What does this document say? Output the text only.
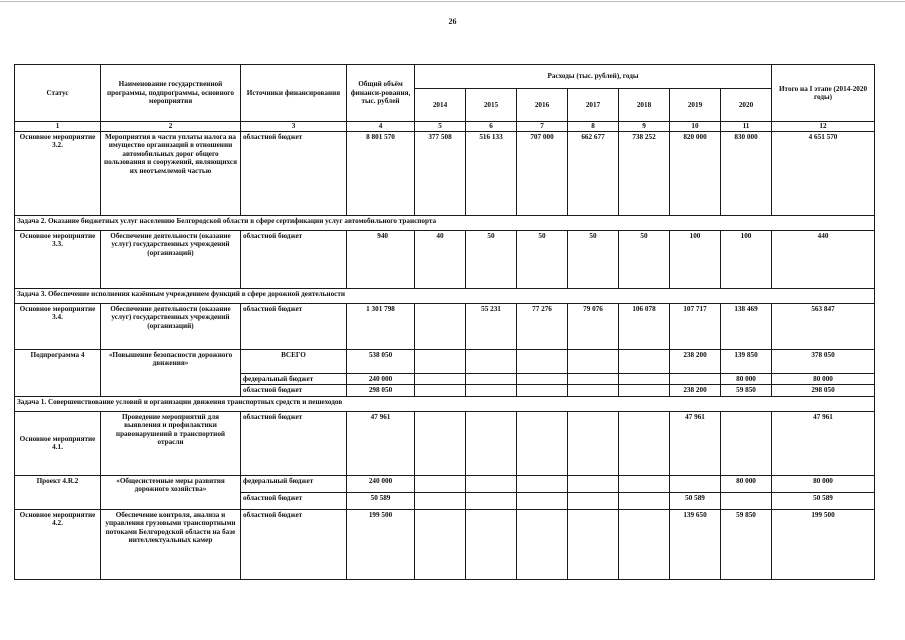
26
Статус	Наименование государственной программы, подпрограммы, основного мероприятия	Источники финансирования	Общий объём финанси-рования, тыс. рублей	Расходы (тыс. рублей), годы							Итого на I этапе (2014-2020 годы)
				2014	2015	2016	2017	2018	2019	2020	
1	2	3	4	5	6	7	8	9	10	11	12
Основное мероприятие 3.2.	Мероприятия в части уплаты налога на имущество организаций в отношении автомобильных дорог общего пользования и сооружений, являющихся их неотъемлемой частью	областной бюджет	8 801 570	377 508	516 133	707 000	662 677	738 252	820 000	830 000	4 651 570
Задача 2. Оказание бюджетных услуг населению Белгородской области в сфере сертификации услуг автомобильного транспорта											
Основное мероприятие 3.3.	Обеспечение деятельности (оказание услуг) государственных учреждений (организаций)	областной бюджет	940	40	50	50	50	50	100	100	440
Задача 3. Обеспечение исполнения казённым учреждением функций в сфере дорожной деятельности											
Основное мероприятие 3.4.	Обеспечение деятельности (оказание услуг) государственных учреждений (организаций)	областной бюджет	1 301 798		55 231	77 276	79 076	106 078	107 717	138 469	563 847
Подпрограмма 4	«Повышение безопасности дорожного движения»	ВСЕГО	538 050						238 200	139 850	378 050
		федеральный бюджет	240 000							80 000	80 000
		областной бюджет	298 050						238 200	59 850	298 050
Задача 1. Совершенствование условий и организации движения транспортных средств и пешеходов											
Основное мероприятие 4.1.	Проведение мероприятий для выявления и профилактики правонарушений в транспортной отрасли	областной бюджет	47 961						47 961		47 961
Проект 4.R.2	«Общесистемные меры развития дорожного хозяйства»	федеральный бюджет	240 000							80 000	80 000
		областной бюджет	50 589						50 589		50 589
Основное мероприятие 4.2.	Обеспечение контроля, анализа и управления грузовыми транспортными потоками Белгородской области на базе интеллектуальных камер	областной бюджет	199 500						139 650	59 850	199 500
